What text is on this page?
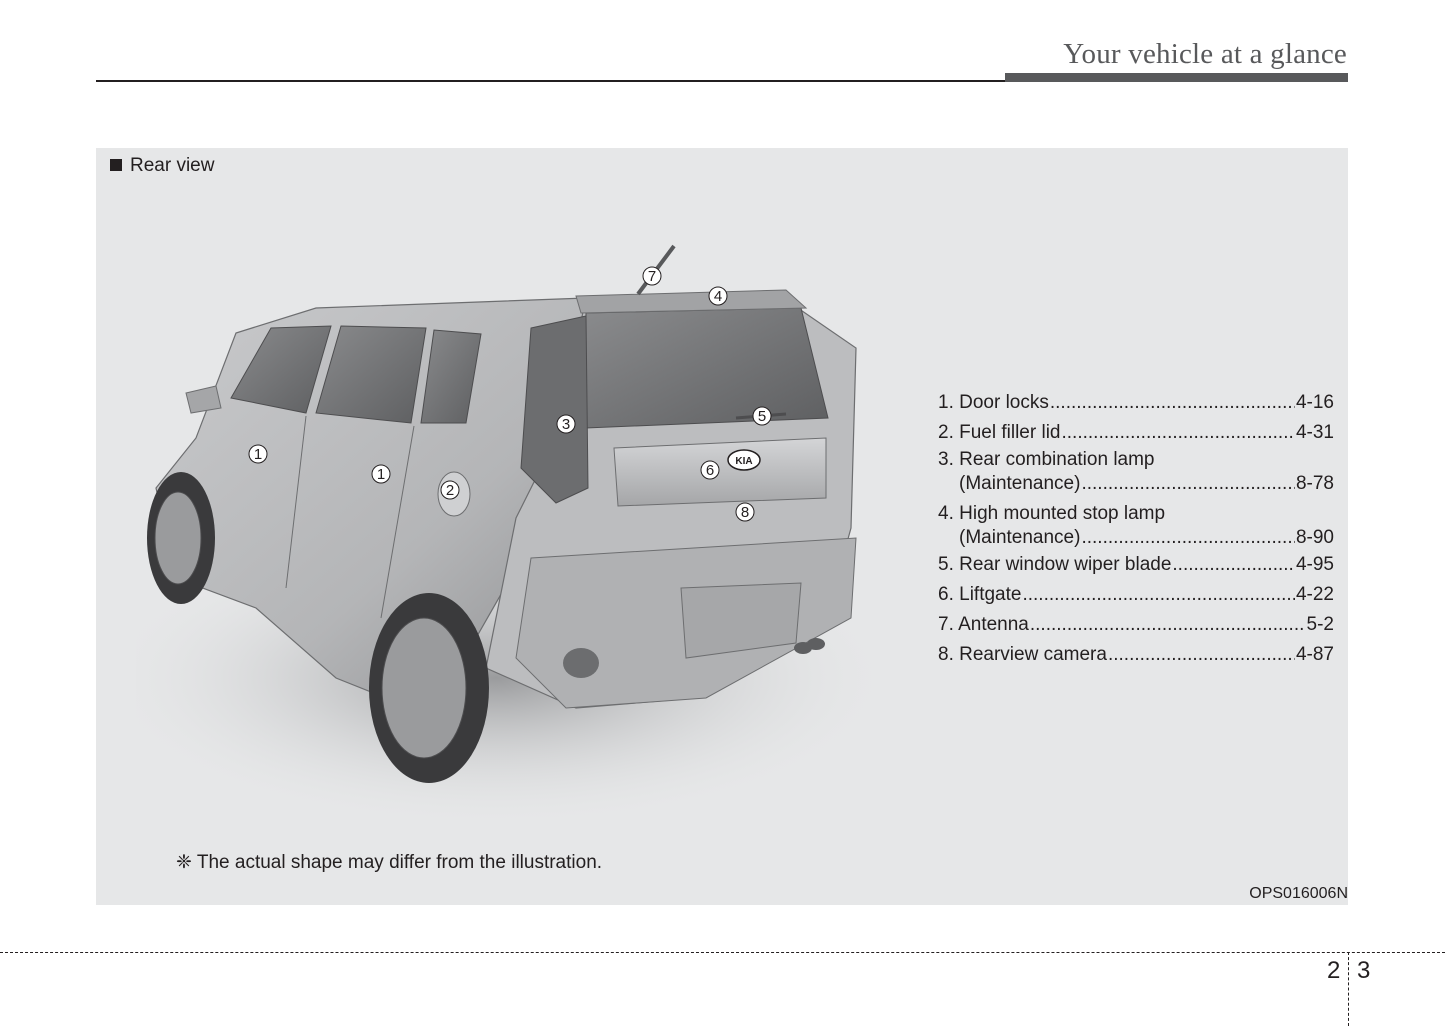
Your vehicle at a glance
Rear view
KIA
1
1
2
3
4
5
6
7
8
1. Door locks .....	4-16
2. Fuel filler lid .....	4-31
3. Rear combination lamp
(Maintenance) .....	8-78
4. High mounted stop lamp
(Maintenance) .....	8-90
5. Rear window wiper blade .....	4-95
6. Liftgate .....	4-22
7. Antenna .....	5-2
8. Rearview camera .....	4-87
❈ The actual shape may differ from the illustration.
OPS016006N
2 3
